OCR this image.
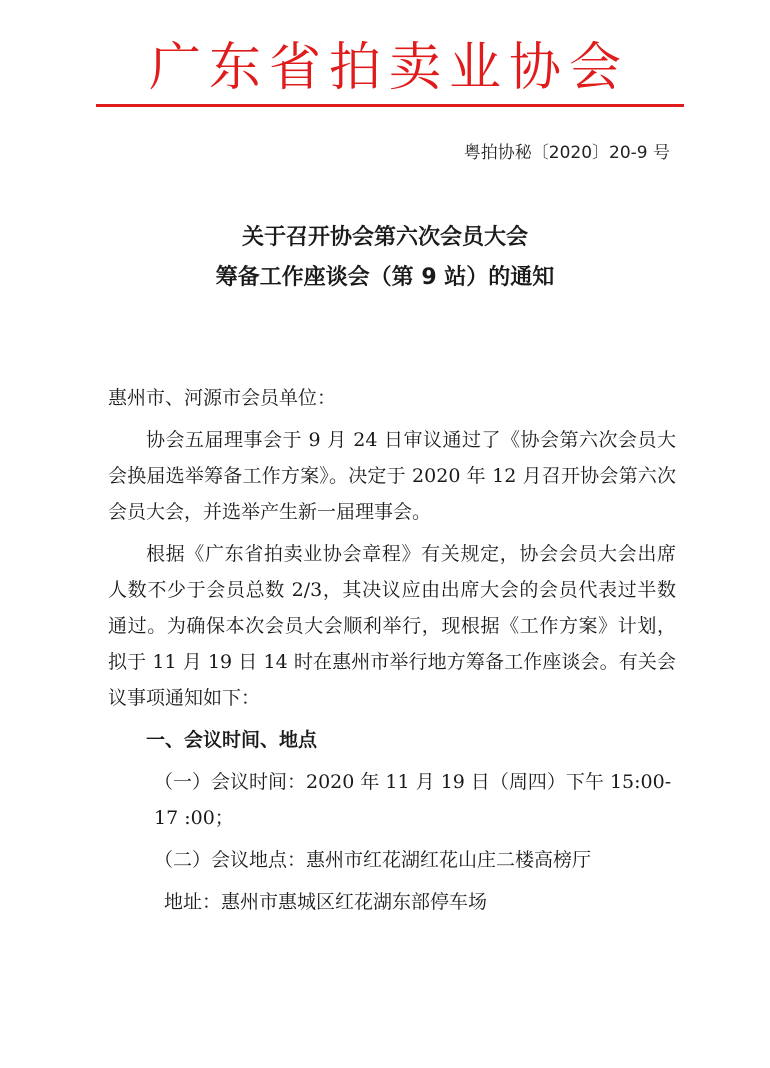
广东省拍卖业协会
粤拍协秘〔2020〕20-9 号
关于召开协会第六次会员大会
筹备工作座谈会（第 9 站）的通知

惠州市、河源市会员单位：

协会五届理事会于 9 月 24 日审议通过了《协会第六次会员大会换届选举筹备工作方案》。决定于 2020 年 12 月召开协会第六次会员大会，并选举产生新一届理事会。

根据《广东省拍卖业协会章程》有关规定，协会会员大会出席人数不少于会员总数 2/3，其决议应由出席大会的会员代表过半数通过。为确保本次会员大会顺利举行，现根据《工作方案》计划，拟于 11 月 19 日 14 时在惠州市举行地方筹备工作座谈会。有关会议事项通知如下：

一、会议时间、地点

（一）会议时间：2020 年 11 月 19 日（周四）下午 15:00-17 :00；

（二）会议地点：惠州市红花湖红花山庄二楼高榜厅

地址：惠州市惠城区红花湖东部停车场
